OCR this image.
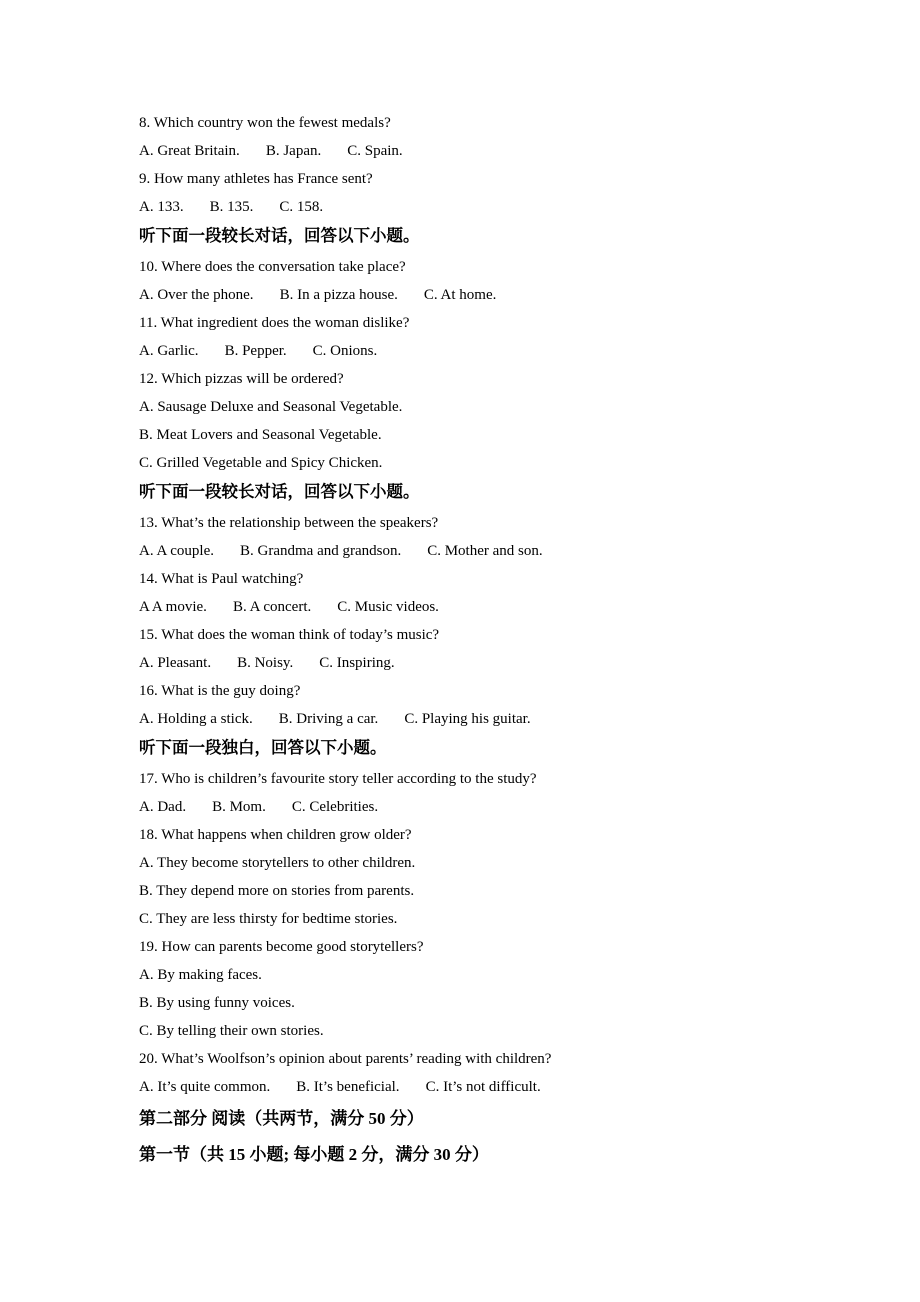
8. Which country won the fewest medals?
A. Great Britain. B. Japan. C. Spain.
9. How many athletes has France sent?
A. 133. B. 135. C. 158.
听下面一段较长对话，回答以下小题。
10. Where does the conversation take place?
A. Over the phone. B. In a pizza house. C. At home.
11. What ingredient does the woman dislike?
A. Garlic. B. Pepper. C. Onions.
12. Which pizzas will be ordered?
A. Sausage Deluxe and Seasonal Vegetable.
B. Meat Lovers and Seasonal Vegetable.
C. Grilled Vegetable and Spicy Chicken.
听下面一段较长对话，回答以下小题。
13. What’s the relationship between the speakers?
A. A couple. B. Grandma and grandson. C. Mother and son.
14. What is Paul watching?
A A movie. B. A concert. C. Music videos.
15. What does the woman think of today’s music?
A. Pleasant. B. Noisy. C. Inspiring.
16. What is the guy doing?
A. Holding a stick. B. Driving a car. C. Playing his guitar.
听下面一段独白，回答以下小题。
17. Who is children’s favourite story teller according to the study?
A. Dad. B. Mom. C. Celebrities.
18. What happens when children grow older?
A. They become storytellers to other children.
B. They depend more on stories from parents.
C. They are less thirsty for bedtime stories.
19. How can parents become good storytellers?
A. By making faces.
B. By using funny voices.
C. By telling their own stories.
20. What’s Woolfson’s opinion about parents’ reading with children?
A. It’s quite common. B. It’s beneficial. C. It’s not difficult.
第二部分 阅读（共两节，满分 50 分）
第一节（共 15 小题; 每小题 2 分，满分 30 分）
